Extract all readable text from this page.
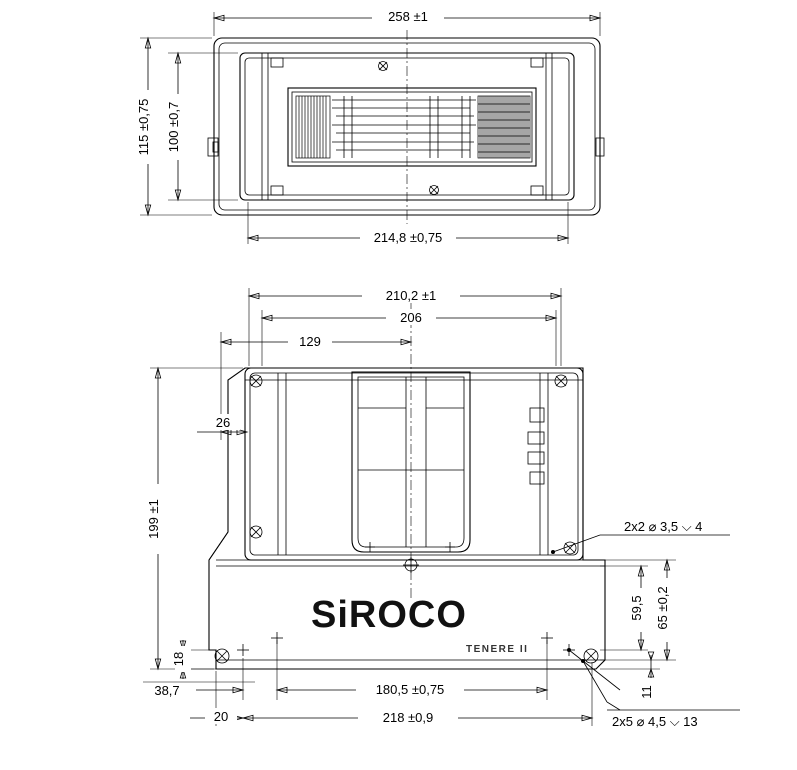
258 ±1
115 ±0,75 100 ±0,7
214,8 ±0,75
SiROCO
TENERE II
210,2 ±1
206
129
26
199 ±1
18
38,7
20
180,5 ±0,75
218 ±0,9
59,5 65 ±0,2
11
2x2 ⌀ 3,5 ⌵ 4
2x5 ⌀ 4,5 ⌵ 13
